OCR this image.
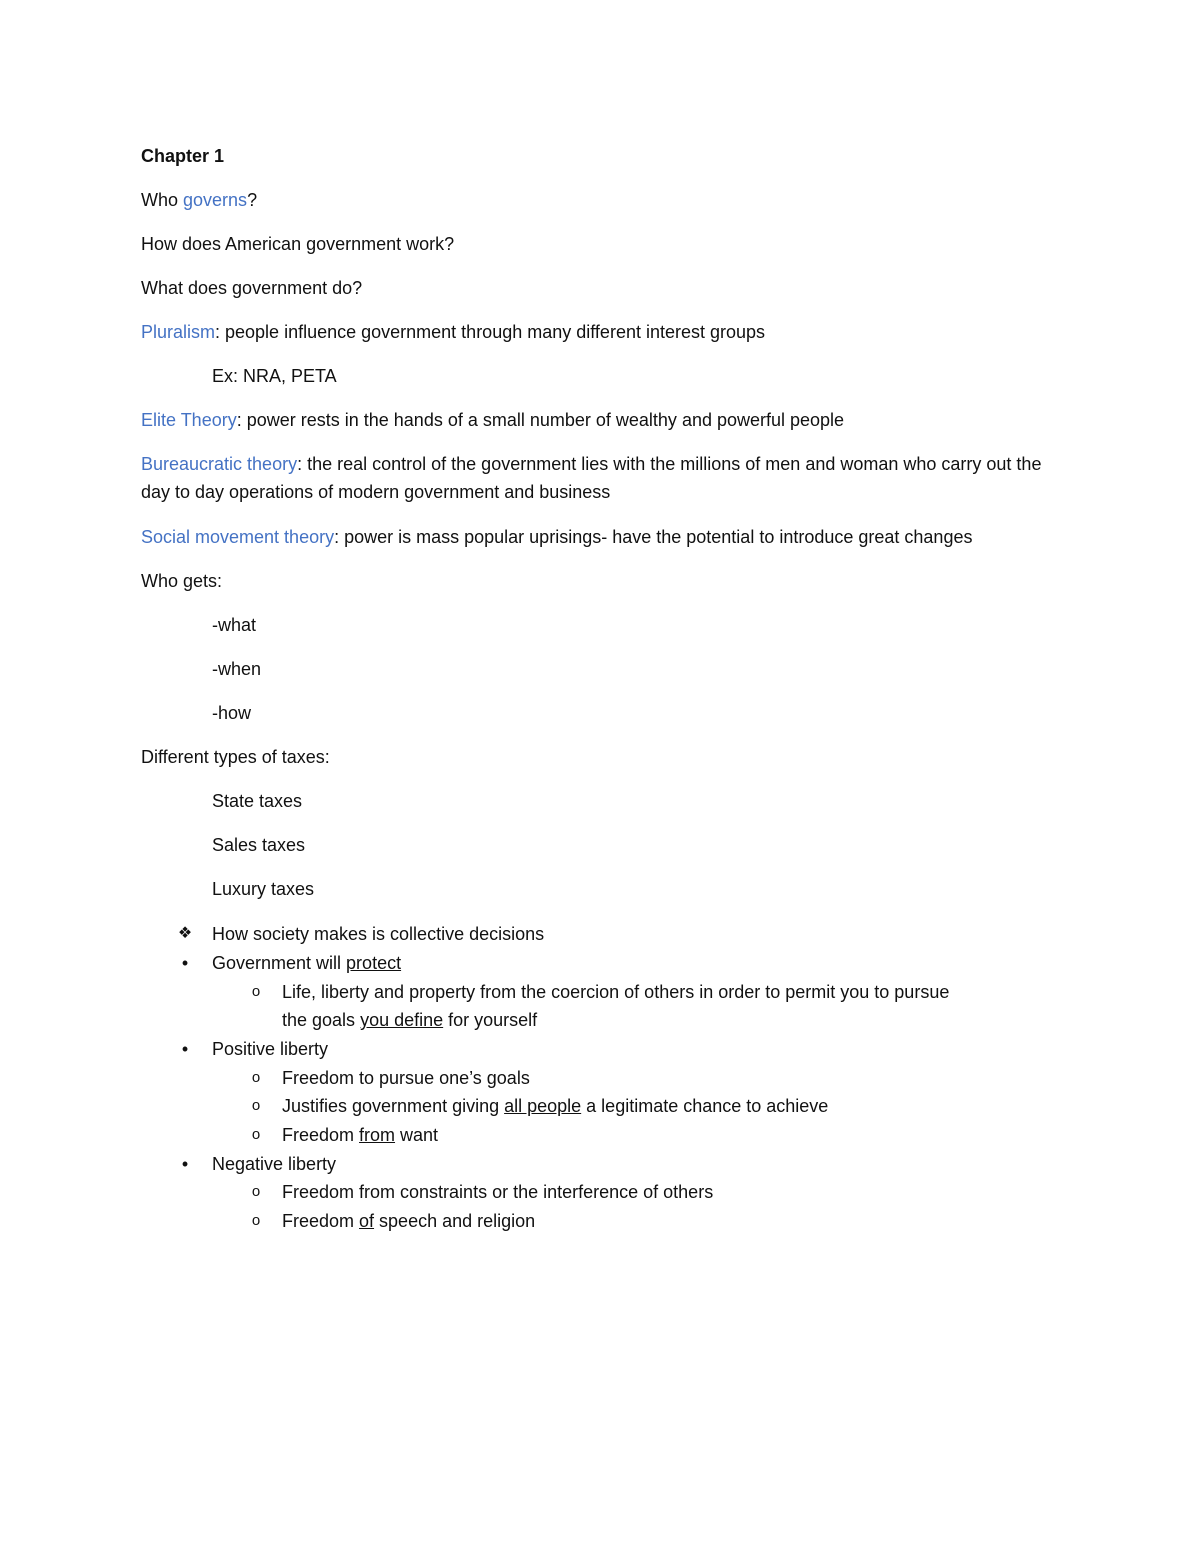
Chapter 1
Who governs?
How does American government work?
What does government do?
Pluralism: people influence government through many different interest groups
Ex: NRA, PETA
Elite Theory: power rests in the hands of a small number of wealthy and powerful people
Bureaucratic theory: the real control of the government lies with the millions of men and woman who carry out the day to day operations of modern government and business
Social movement theory: power is mass popular uprisings- have the potential to introduce great changes
Who gets:
-what
-when
-how
Different types of taxes:
State taxes
Sales taxes
Luxury taxes
❖ How society makes is collective decisions
•	Government will protect
o	Life, liberty and property from the coercion of others in order to permit you to pursue
the goals you define for yourself
•	Positive liberty
o	Freedom to pursue one’s goals
o	Justifies government giving all people a legitimate chance to achieve
o	Freedom from want
•	Negative liberty
o	Freedom from constraints or the interference of others
o	Freedom of speech and religion
